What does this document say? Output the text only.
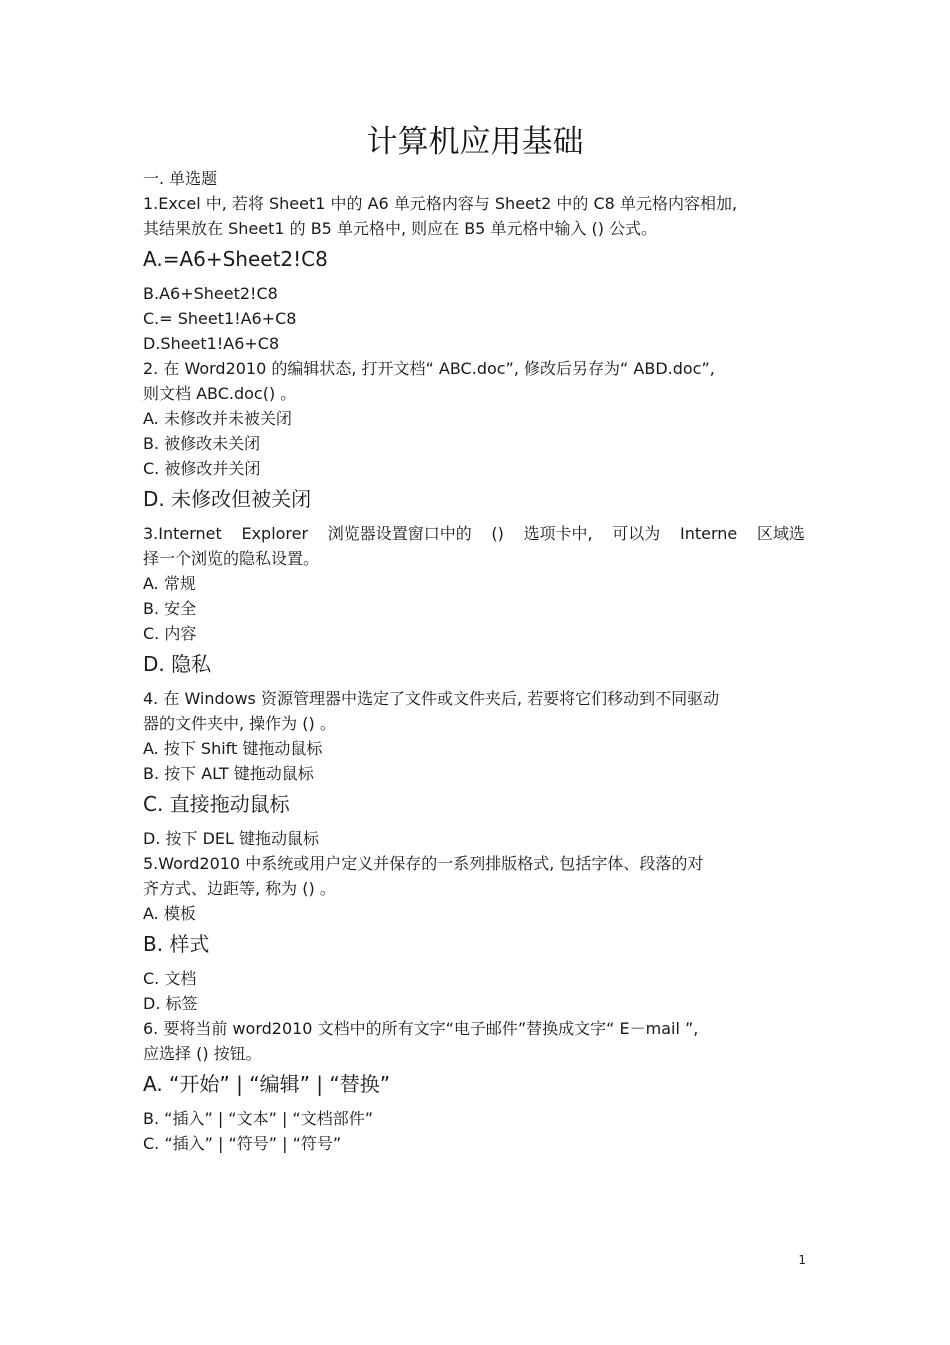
计算机应用基础
一. 单选题
1.Excel 中, 若将 Sheet1 中的 A6 单元格内容与 Sheet2 中的 C8 单元格内容相加,
其结果放在 Sheet1 的 B5 单元格中, 则应在 B5 单元格中输入 () 公式。
A.=A6+Sheet2!C8
B.A6+Sheet2!C8
C.= Sheet1!A6+C8
D.Sheet1!A6+C8
2. 在 Word2010 的编辑状态, 打开文档“ ABC.doc”, 修改后另存为“ ABD.doc”,
则文档 ABC.doc() 。
A. 未修改并未被关闭
B. 被修改未关闭
C. 被修改并关闭
D. 未修改但被关闭
3.Internet Explorer 浏览器设置窗口中的 () 选项卡中, 可以为 Interne 区域选
择一个浏览的隐私设置。
A. 常规
B. 安全
C. 内容
D. 隐私
4. 在 Windows 资源管理器中选定了文件或文件夹后, 若要将它们移动到不同驱动
器的文件夹中, 操作为 () 。
A. 按下 Shift 键拖动鼠标
B. 按下 ALT 键拖动鼠标
C. 直接拖动鼠标
D. 按下 DEL 键拖动鼠标
5.Word2010 中系统或用户定义并保存的一系列排版格式, 包括字体、段落的对
齐方式、边距等, 称为 () 。
A. 模板
B. 样式
C. 文档
D. 标签
6. 要将当前 word2010 文档中的所有文字“电子邮件”替换成文字“ E－mail ”,
应选择 () 按钮。
A. “开始” | “编辑” | “替换”
B. “插入” | “文本” | “文档部件”
C. “插入” | “符号” | “符号”
1
